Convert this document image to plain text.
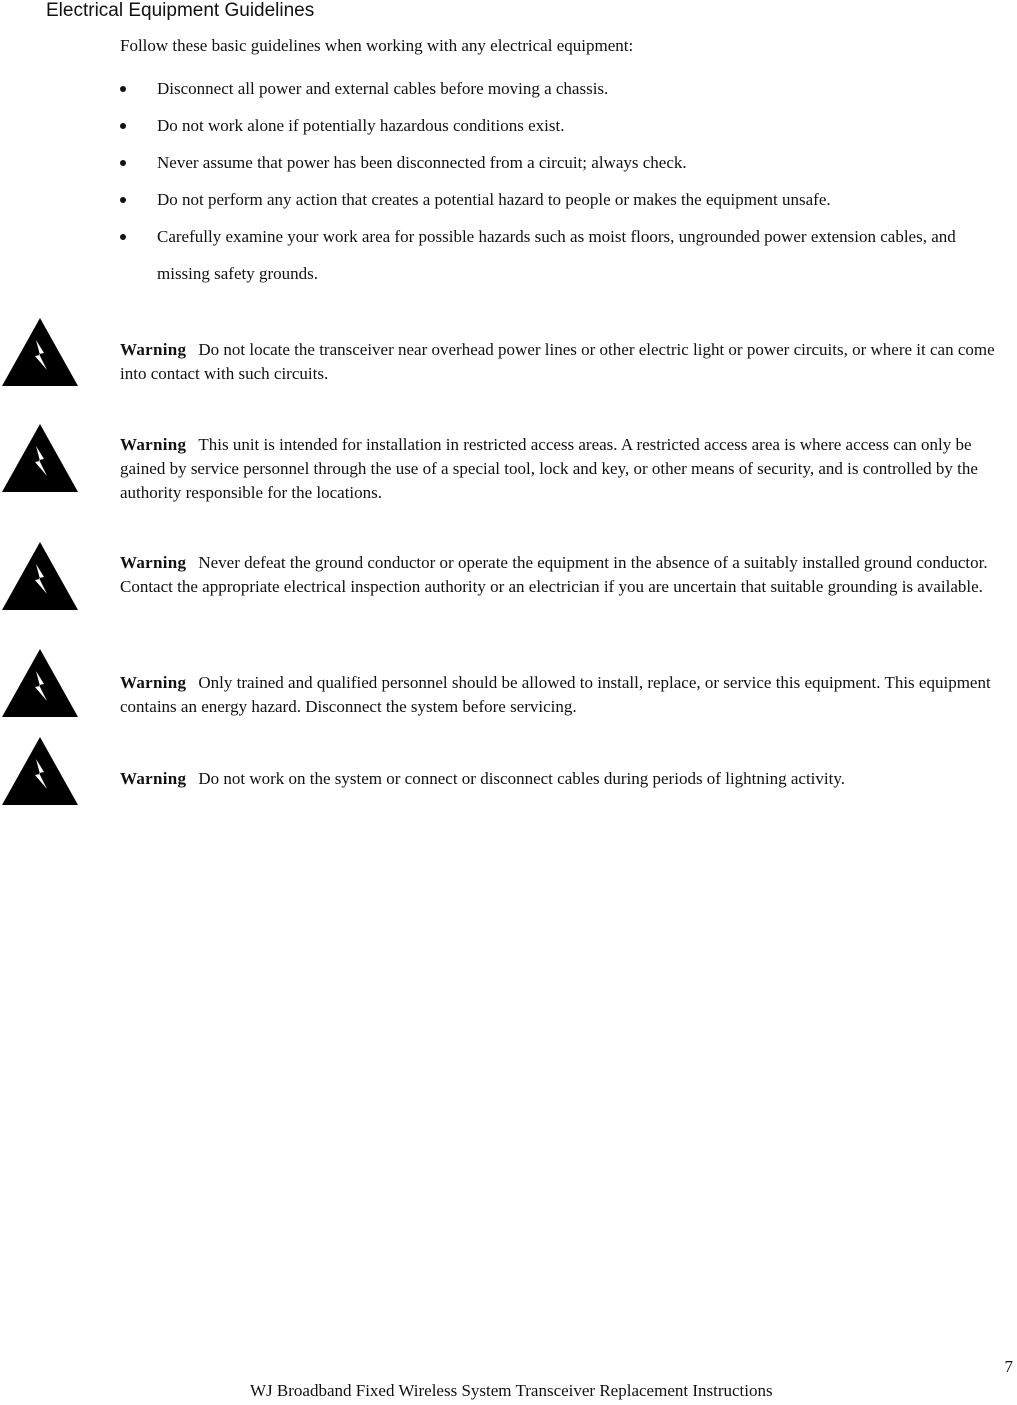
Electrical Equipment Guidelines
Follow these basic guidelines when working with any electrical equipment:
Disconnect all power and external cables before moving a chassis.
Do not work alone if potentially hazardous conditions exist.
Never assume that power has been disconnected from a circuit; always check.
Do not perform any action that creates a potential hazard to people or makes the equipment unsafe.
Carefully examine your work area for possible hazards such as moist floors, ungrounded power extension cables, and missing safety grounds.
Warning Do not locate the transceiver near overhead power lines or other electric light or power circuits, or where it can come into contact with such circuits.
Warning This unit is intended for installation in restricted access areas. A restricted access area is where access can only be gained by service personnel through the use of a special tool, lock and key, or other means of security, and is controlled by the authority responsible for the locations.
Warning Never defeat the ground conductor or operate the equipment in the absence of a suitably installed ground conductor. Contact the appropriate electrical inspection authority or an electrician if you are uncertain that suitable grounding is available.
Warning Only trained and qualified personnel should be allowed to install, replace, or service this equipment. This equipment contains an energy hazard. Disconnect the system before servicing.
Warning Do not work on the system or connect or disconnect cables during periods of lightning activity.
7
WJ Broadband Fixed Wireless System Transceiver Replacement Instructions
